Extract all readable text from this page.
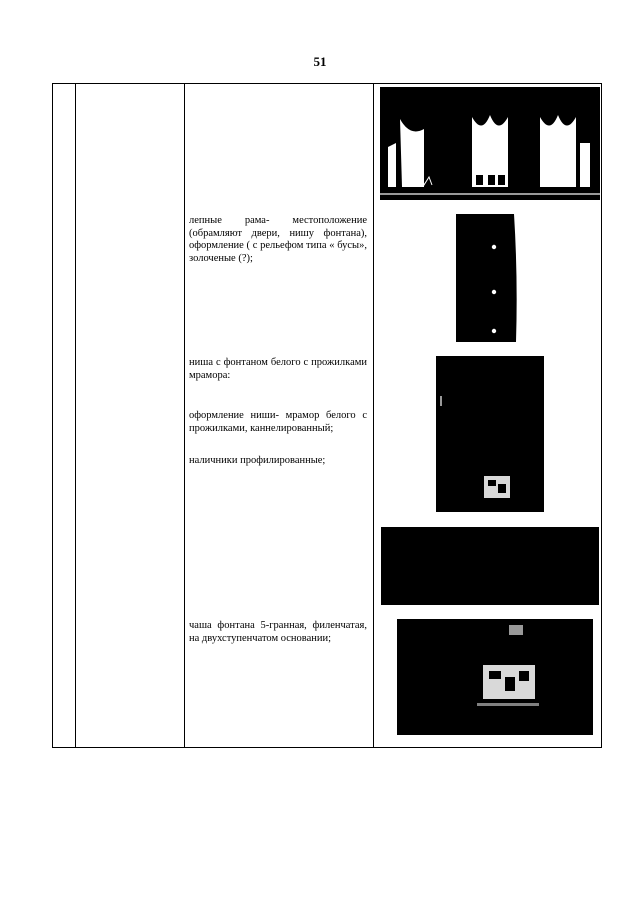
51

лепные рама- местоположение (обрамляют двери, нишу фонтана), оформление ( с рельефом типа « бусы», золоченые (?);

ниша с фонтаном белого с прожилками мрамора:

оформление ниши- мрамор белого с прожилками, каннелированный;

наличники профилированные;

чаша фонтана 5-гранная, филенчатая, на двухступенчатом основании;
